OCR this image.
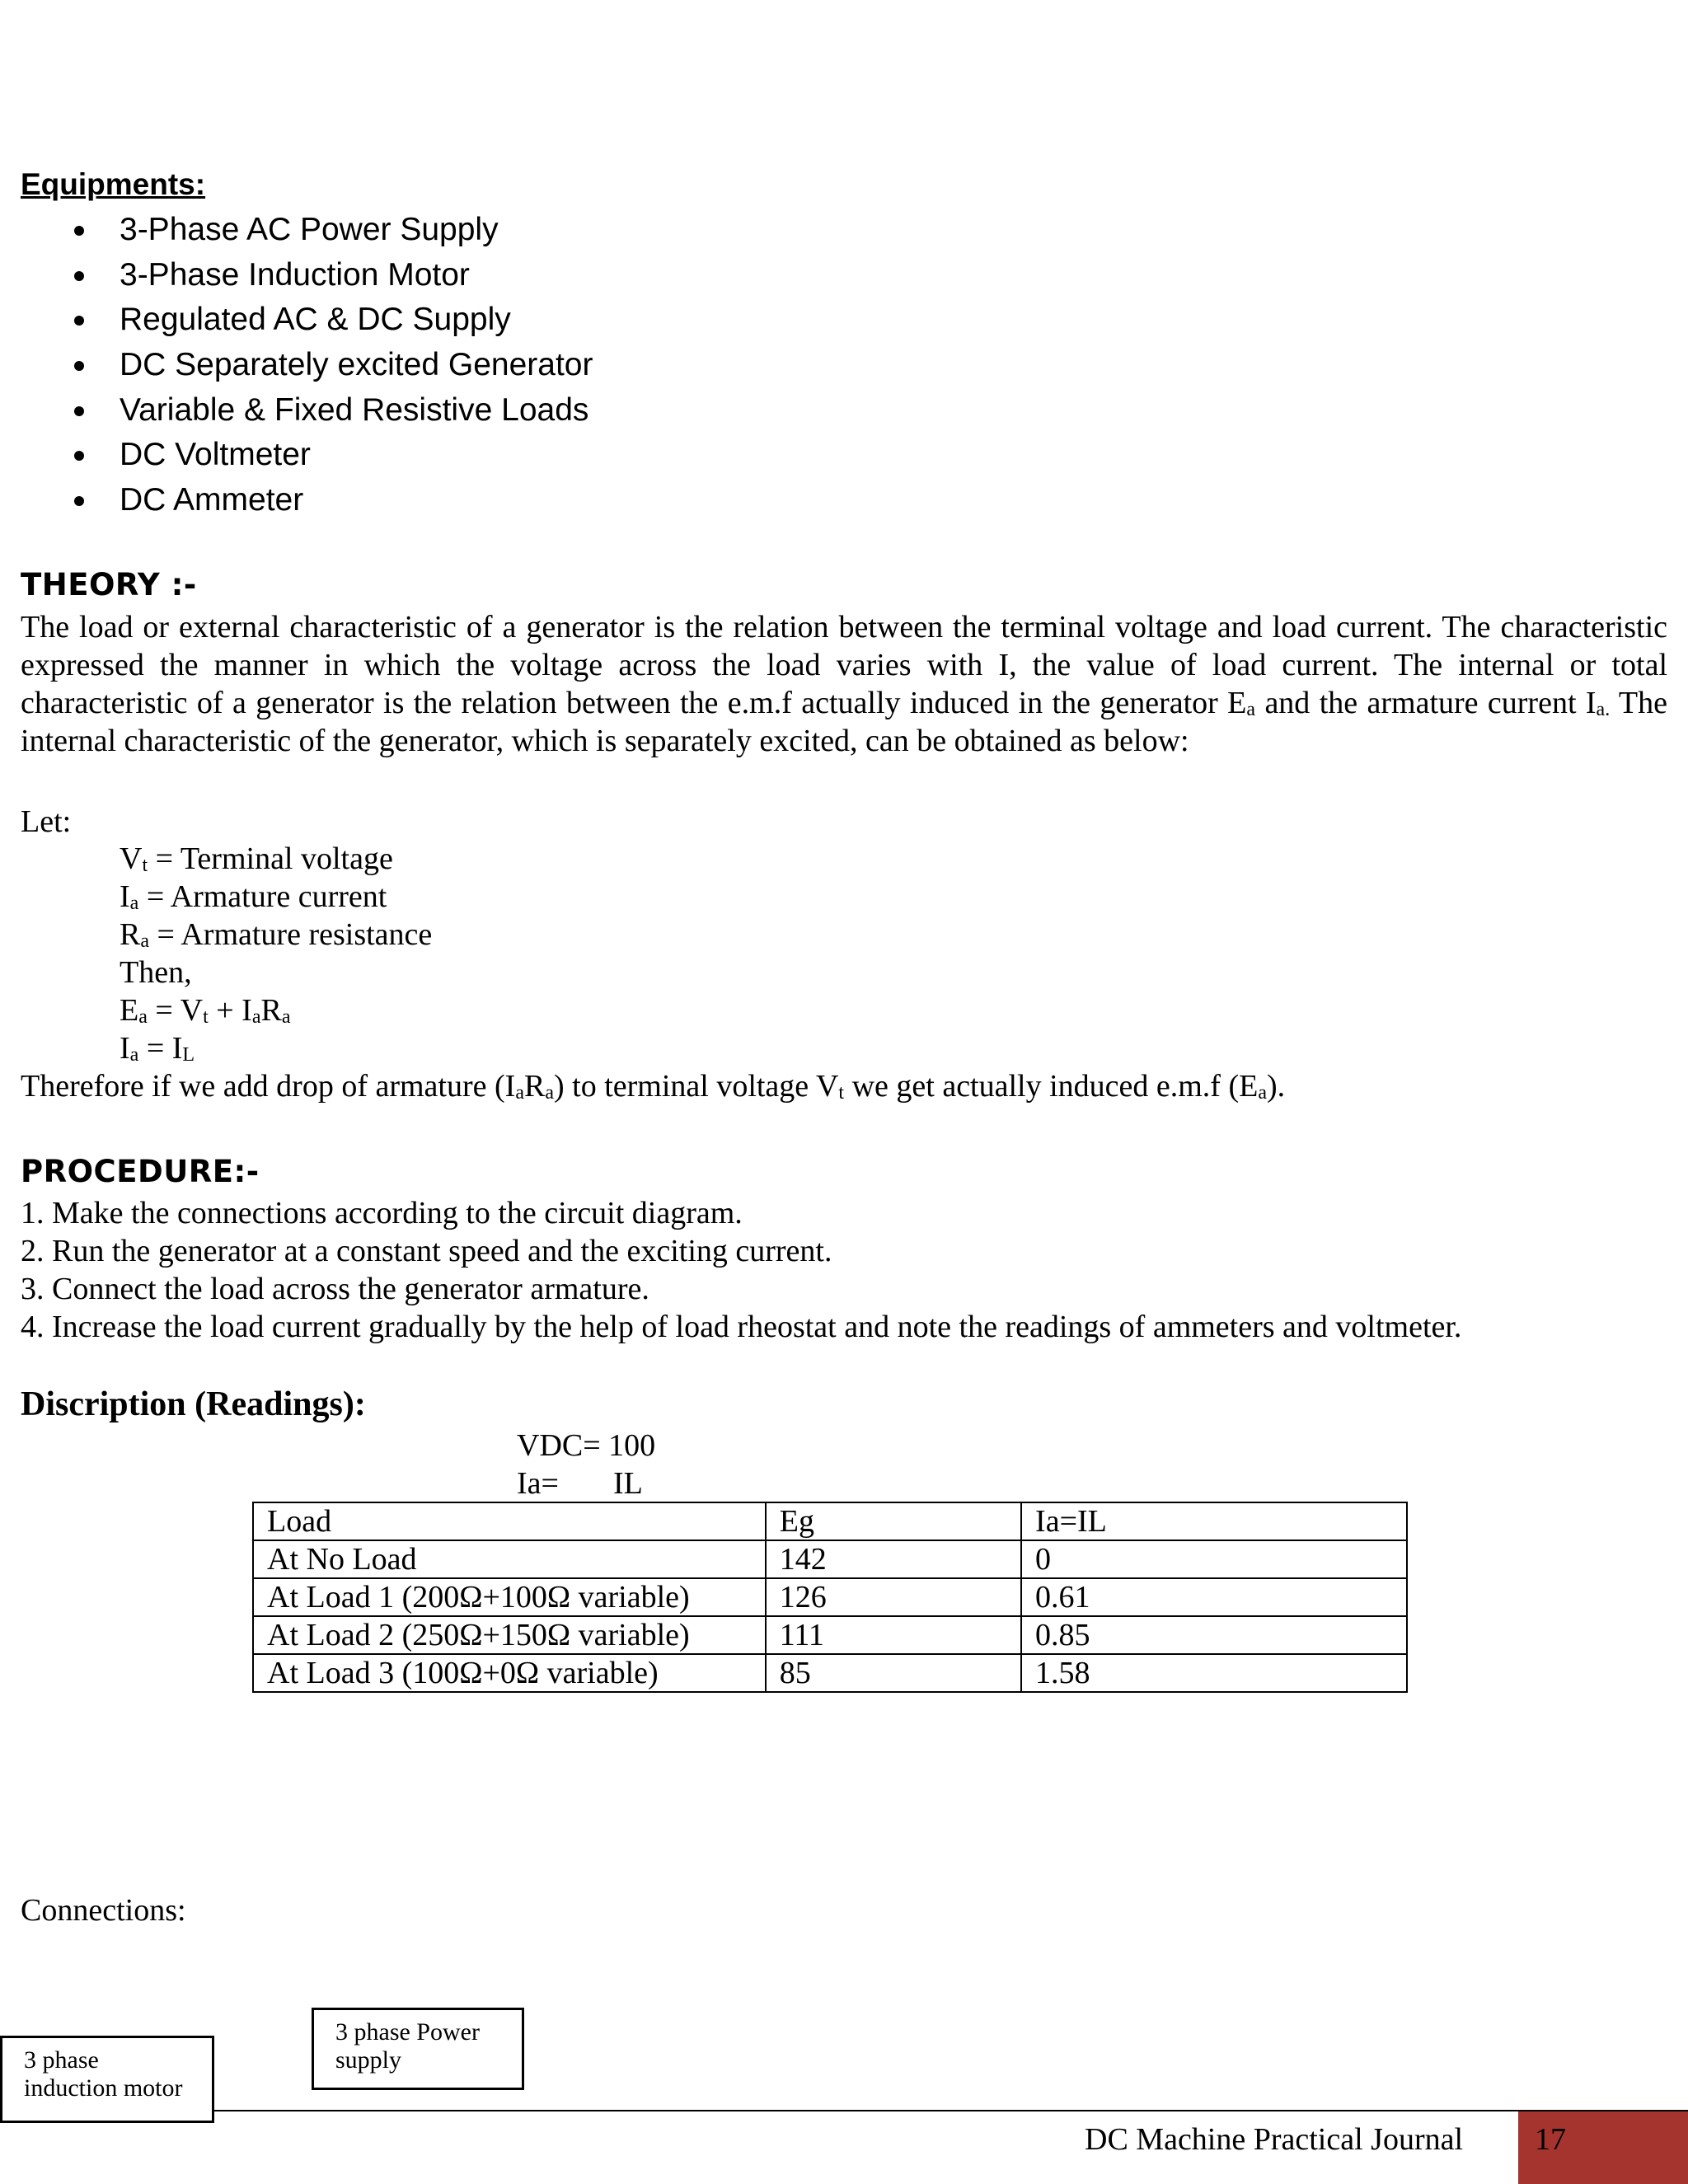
Equipments:
3-Phase AC Power Supply
3-Phase Induction Motor
Regulated AC & DC Supply
DC Separately excited Generator
Variable & Fixed Resistive Loads
DC Voltmeter
DC Ammeter
THEORY :-

The load or external characteristic of a generator is the relation between the terminal voltage and load current. The characteristic expressed the manner in which the voltage across the load varies with I, the value of load current. The internal or total characteristic of a generator is the relation between the e.m.f actually induced in the generator $E_a$ and the armature current $I_{a.}$ The internal characteristic of the generator, which is separately excited, can be obtained as below:

Let:
$V_t$ = Terminal voltage
$I_a$ = Armature current
$R_a$ = Armature resistance
Then,
$E_a = V_t + I_aR_a$
$I_a = I_L$
Therefore if we add drop of armature $(I_aR_a)$ to terminal voltage $V_t$ we get actually induced e.m.f $(E_a)$.
PROCEDURE:-
1. Make the connections according to the circuit diagram.
2. Run the generator at a constant speed and the exciting current.
3. Connect the load across the generator armature.
4. Increase the load current gradually by the help of load rheostat and note the readings of ammeters and voltmeter.
Discription (Readings):
VDC= 100
Ia= IL
Load	Eg	Ia=IL
At No Load	142	0
At Load 1 (200Ω+100Ω variable)	126	0.61
At Load 2 (250Ω+150Ω variable)	111	0.85
At Load 3 (100Ω+0Ω variable)	85	1.58
Connections:
3 phase
induction motor
3 phase Power
supply
DC Machine Practical Journal 17
